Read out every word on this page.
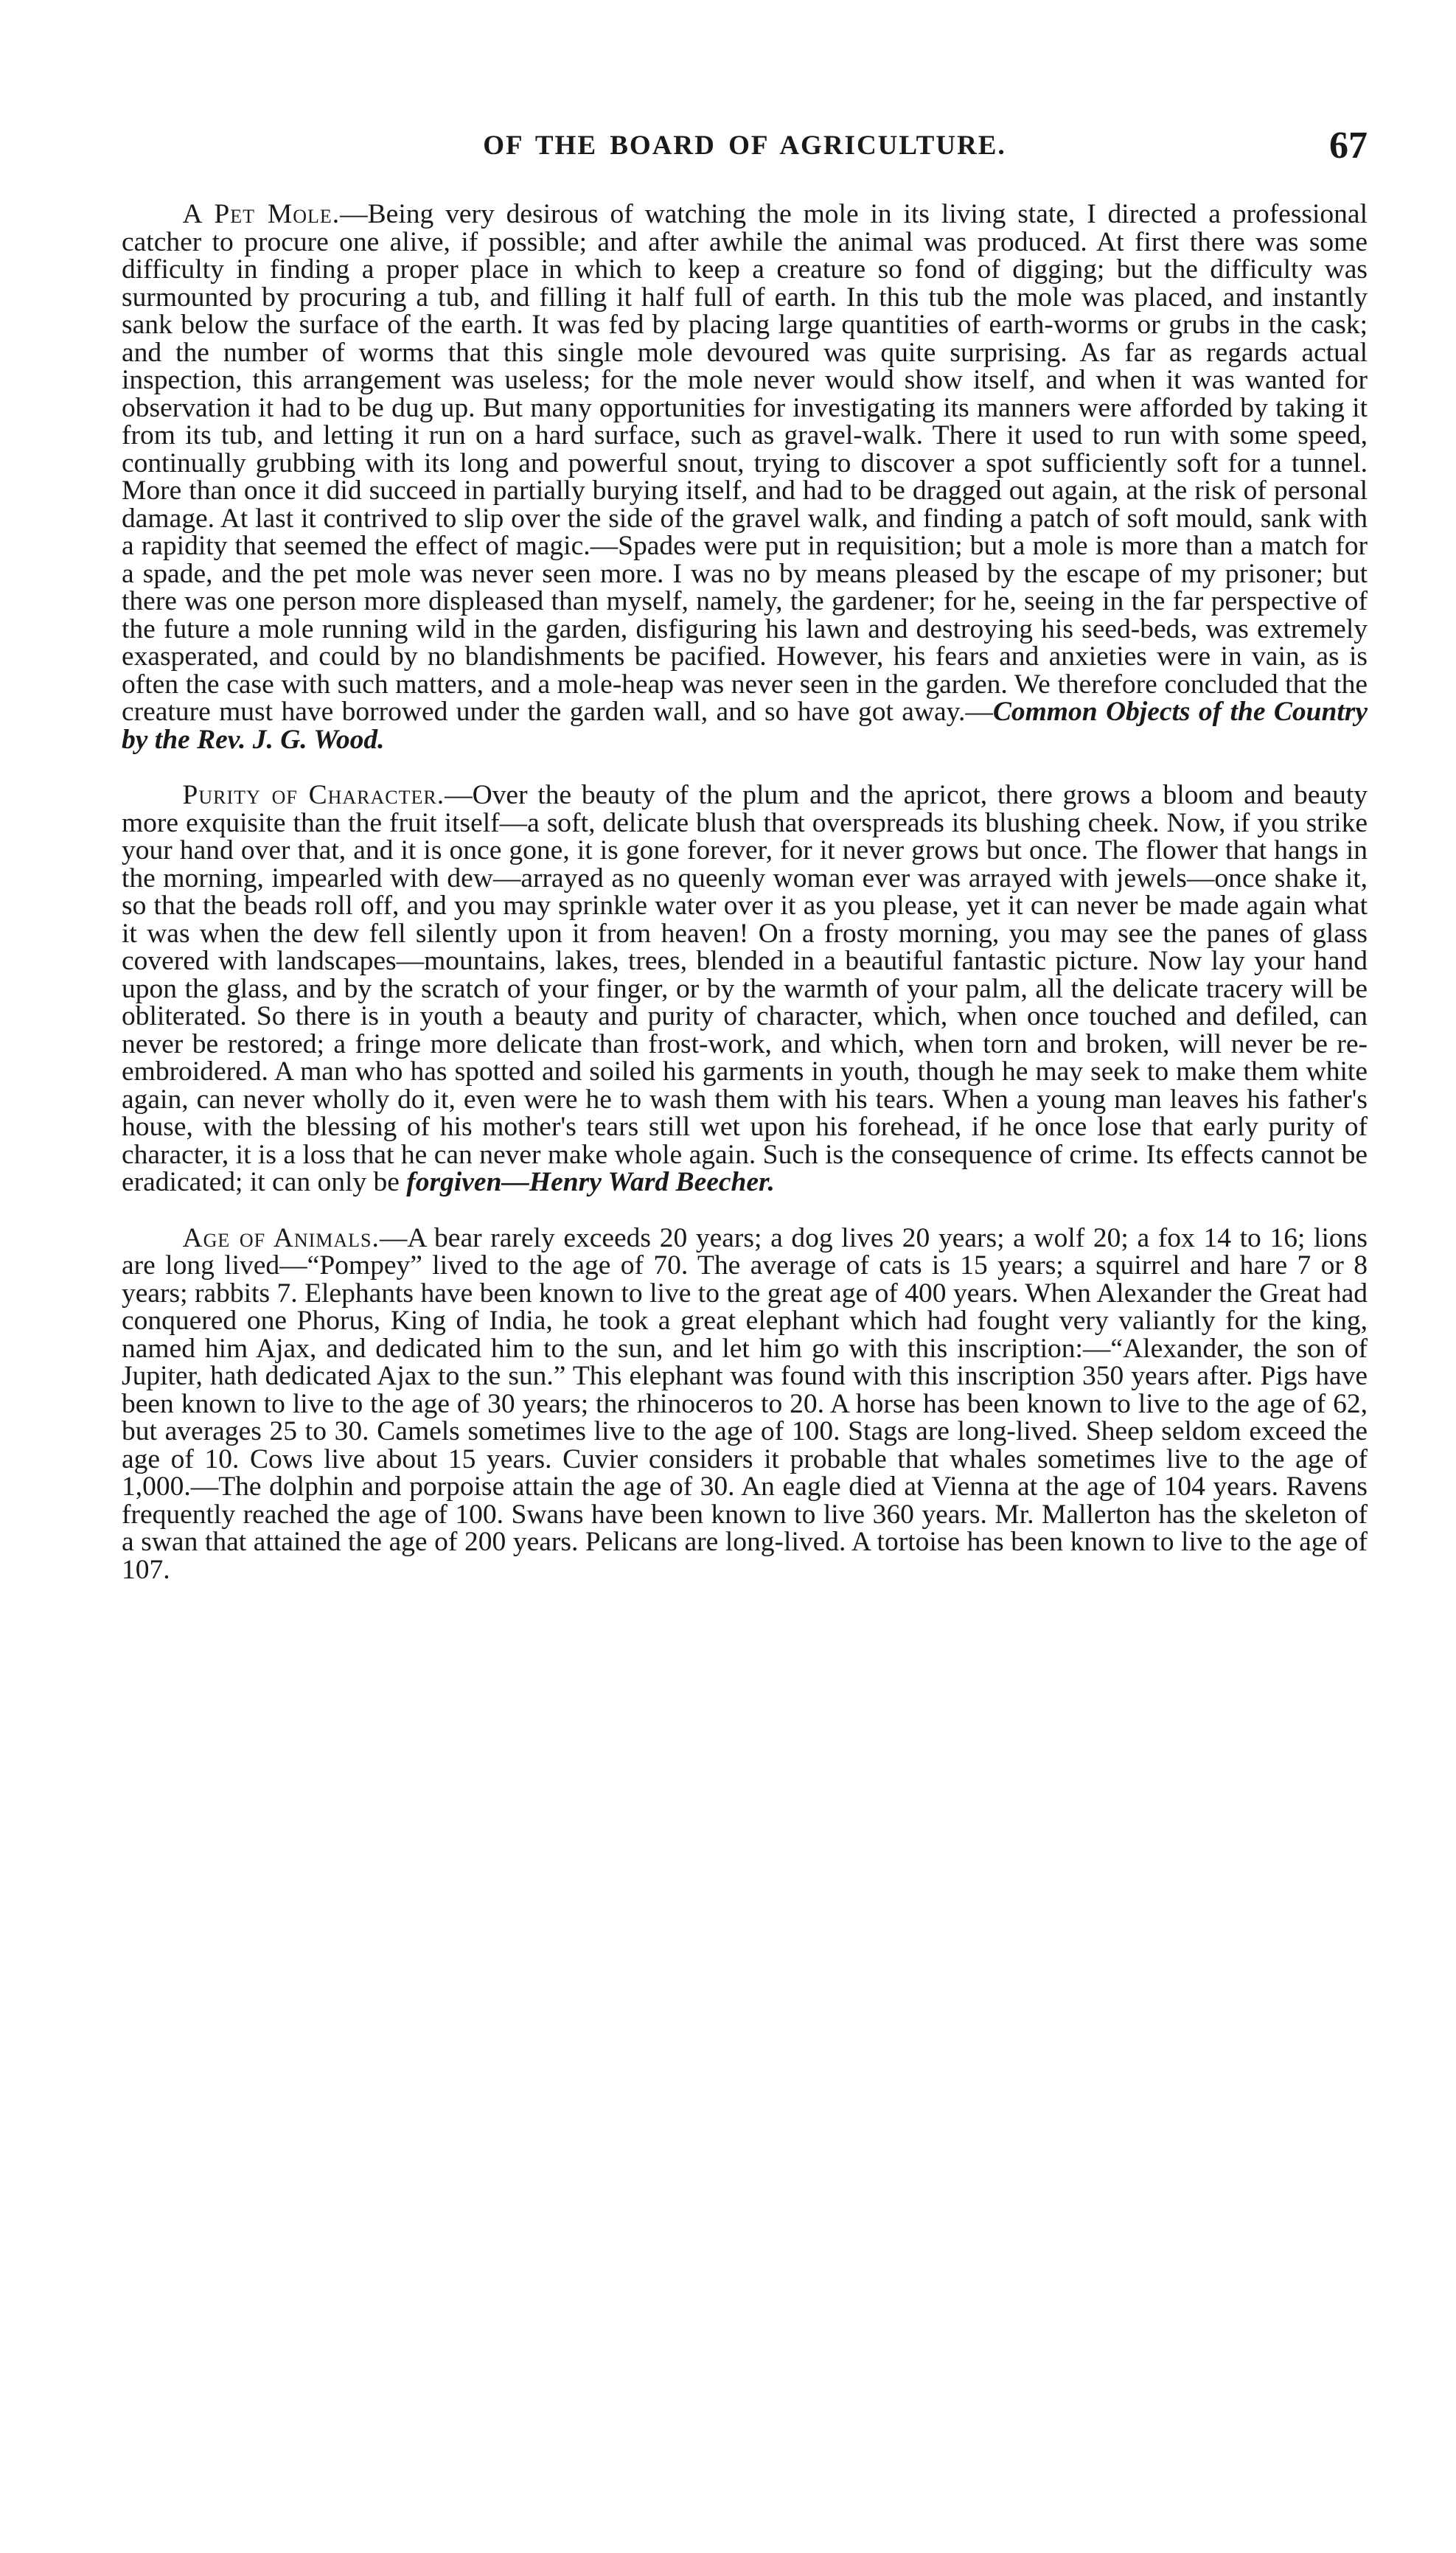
OF THE BOARD OF AGRICULTURE.	67

A Pet Mole.—Being very desirous of watching the mole in its living state, I directed a professional catcher to procure one alive, if possible; and after awhile the animal was produced. At first there was some difficulty in finding a proper place in which to keep a creature so fond of digging; but the difficulty was surmounted by procuring a tub, and filling it half full of earth. In this tub the mole was placed, and instantly sank below the surface of the earth. It was fed by placing large quantities of earth-worms or grubs in the cask; and the number of worms that this single mole devoured was quite surprising. As far as regards actual inspection, this arrangement was useless; for the mole never would show itself, and when it was wanted for observation it had to be dug up. But many opportunities for investigating its manners were afforded by taking it from its tub, and letting it run on a hard surface, such as gravel-walk. There it used to run with some speed, continually grubbing with its long and powerful snout, trying to discover a spot sufficiently soft for a tunnel. More than once it did succeed in partially burying itself, and had to be dragged out again, at the risk of personal damage. At last it contrived to slip over the side of the gravel walk, and finding a patch of soft mould, sank with a rapidity that seemed the effect of magic.—Spades were put in requisition; but a mole is more than a match for a spade, and the pet mole was never seen more. I was no by means pleased by the escape of my prisoner; but there was one person more displeased than myself, namely, the gardener; for he, seeing in the far perspective of the future a mole running wild in the garden, disfiguring his lawn and destroying his seed-beds, was extremely exasperated, and could by no blandishments be pacified. However, his fears and anxieties were in vain, as is often the case with such matters, and a mole-heap was never seen in the garden. We therefore concluded that the creature must have borrowed under the garden wall, and so have got away.—Common Objects of the Country by the Rev. J. G. Wood.

Purity of Character.—Over the beauty of the plum and the apricot, there grows a bloom and beauty more exquisite than the fruit itself—a soft, delicate blush that overspreads its blushing cheek. Now, if you strike your hand over that, and it is once gone, it is gone forever, for it never grows but once. The flower that hangs in the morning, impearled with dew—arrayed as no queenly woman ever was arrayed with jewels—once shake it, so that the beads roll off, and you may sprinkle water over it as you please, yet it can never be made again what it was when the dew fell silently upon it from heaven! On a frosty morning, you may see the panes of glass covered with landscapes—mountains, lakes, trees, blended in a beautiful fantastic picture. Now lay your hand upon the glass, and by the scratch of your finger, or by the warmth of your palm, all the delicate tracery will be obliterated. So there is in youth a beauty and purity of character, which, when once touched and defiled, can never be restored; a fringe more delicate than frost-work, and which, when torn and broken, will never be re-embroidered. A man who has spotted and soiled his garments in youth, though he may seek to make them white again, can never wholly do it, even were he to wash them with his tears. When a young man leaves his father's house, with the blessing of his mother's tears still wet upon his forehead, if he once lose that early purity of character, it is a loss that he can never make whole again. Such is the consequence of crime. Its effects cannot be eradicated; it can only be forgiven—Henry Ward Beecher.

Age of Animals.—A bear rarely exceeds 20 years; a dog lives 20 years; a wolf 20; a fox 14 to 16; lions are long lived—“Pompey” lived to the age of 70. The average of cats is 15 years; a squirrel and hare 7 or 8 years; rabbits 7. Elephants have been known to live to the great age of 400 years. When Alexander the Great had conquered one Phorus, King of India, he took a great elephant which had fought very valiantly for the king, named him Ajax, and dedicated him to the sun, and let him go with this inscription:—“Alexander, the son of Jupiter, hath dedicated Ajax to the sun.” This elephant was found with this inscription 350 years after. Pigs have been known to live to the age of 30 years; the rhinoceros to 20. A horse has been known to live to the age of 62, but averages 25 to 30. Camels sometimes live to the age of 100. Stags are long-lived. Sheep seldom exceed the age of 10. Cows live about 15 years. Cuvier considers it probable that whales sometimes live to the age of 1,000.—The dolphin and porpoise attain the age of 30. An eagle died at Vienna at the age of 104 years. Ravens frequently reached the age of 100. Swans have been known to live 360 years. Mr. Mallerton has the skeleton of a swan that attained the age of 200 years. Pelicans are long-lived. A tortoise has been known to live to the age of 107.
